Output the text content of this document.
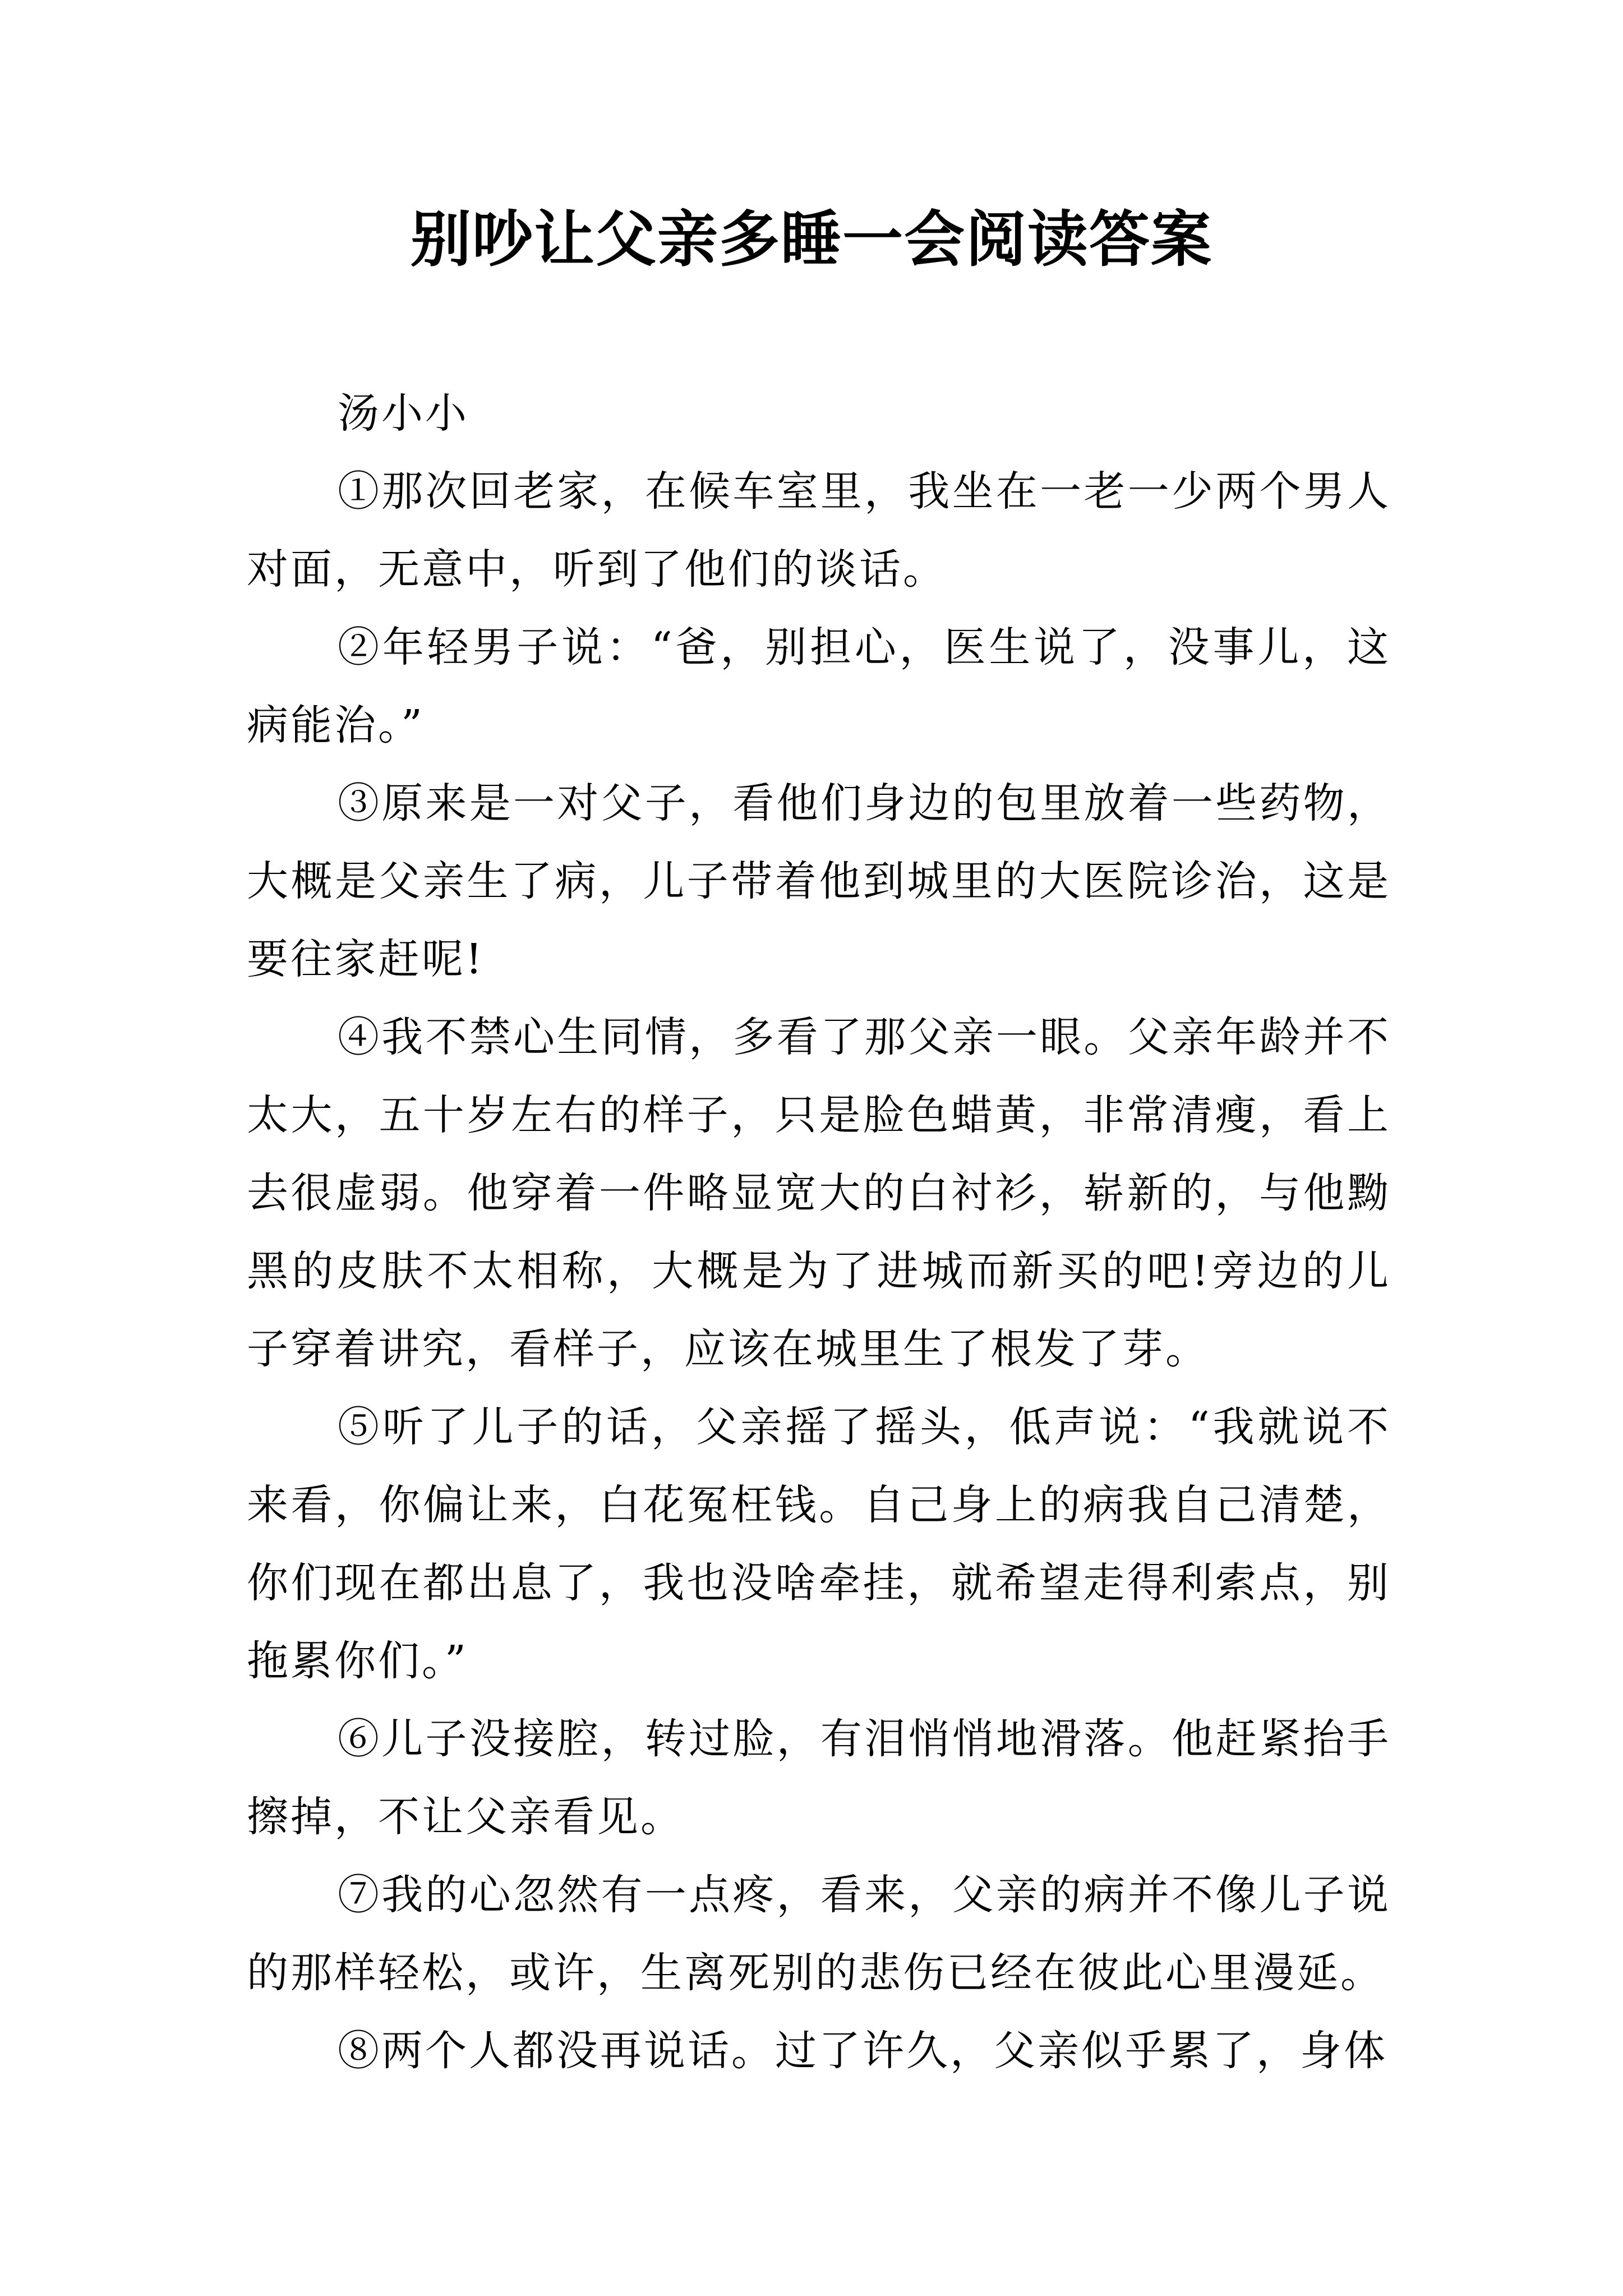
别吵让父亲多睡一会阅读答案

汤小小

①那次回老家，在候车室里，我坐在一老一少两个男人对面，无意中，听到了他们的谈话。

②年轻男子说：“爸，别担心，医生说了，没事儿，这病能治。”

③原来是一对父子，看他们身边的包里放着一些药物，大概是父亲生了病，儿子带着他到城里的大医院诊治，这是要往家赶呢!

④我不禁心生同情，多看了那父亲一眼。父亲年龄并不太大，五十岁左右的样子，只是脸色蜡黄，非常清瘦，看上去很虚弱。他穿着一件略显宽大的白衬衫，崭新的，与他黝黑的皮肤不太相称，大概是为了进城而新买的吧!旁边的儿子穿着讲究，看样子，应该在城里生了根发了芽。

⑤听了儿子的话，父亲摇了摇头，低声说：“我就说不来看，你偏让来，白花冤枉钱。自己身上的病我自己清楚，你们现在都出息了，我也没啥牵挂，就希望走得利索点，别拖累你们。”

⑥儿子没接腔，转过脸，有泪悄悄地滑落。他赶紧抬手擦掉，不让父亲看见。

⑦我的心忽然有一点疼，看来，父亲的病并不像儿子说的那样轻松，或许，生离死别的悲伤已经在彼此心里漫延。

⑧两个人都没再说话。过了许久，父亲似乎累了，身体
